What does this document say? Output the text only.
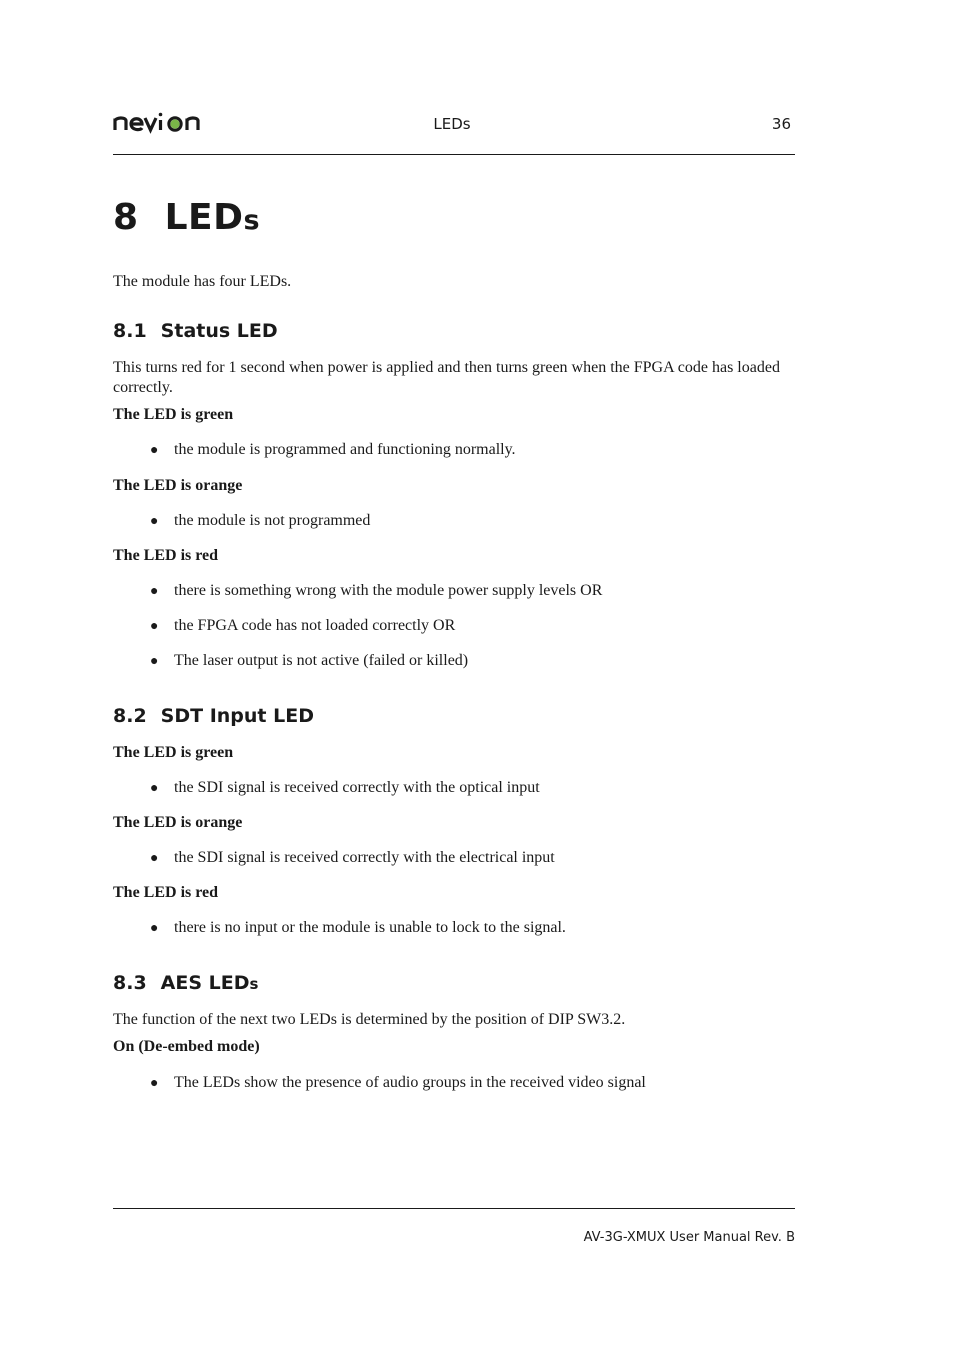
LEDs	36
8 LEDs
The module has four LEDs.
8.1 Status LED
This turns red for 1 second when power is applied and then turns green when the FPGA code has loaded correctly.
The LED is green
● the module is programmed and functioning normally.
The LED is orange
● the module is not programmed
The LED is red
● there is something wrong with the module power supply levels OR
● the FPGA code has not loaded correctly OR
● The laser output is not active (failed or killed)
8.2 SDT Input LED
The LED is green
● the SDI signal is received correctly with the optical input
The LED is orange
● the SDI signal is received correctly with the electrical input
The LED is red
● there is no input or the module is unable to lock to the signal.
8.3 AES LEDs
The function of the next two LEDs is determined by the position of DIP SW3.2.
On (De-embed mode)
● The LEDs show the presence of audio groups in the received video signal
AV-3G-XMUX User Manual Rev. B
